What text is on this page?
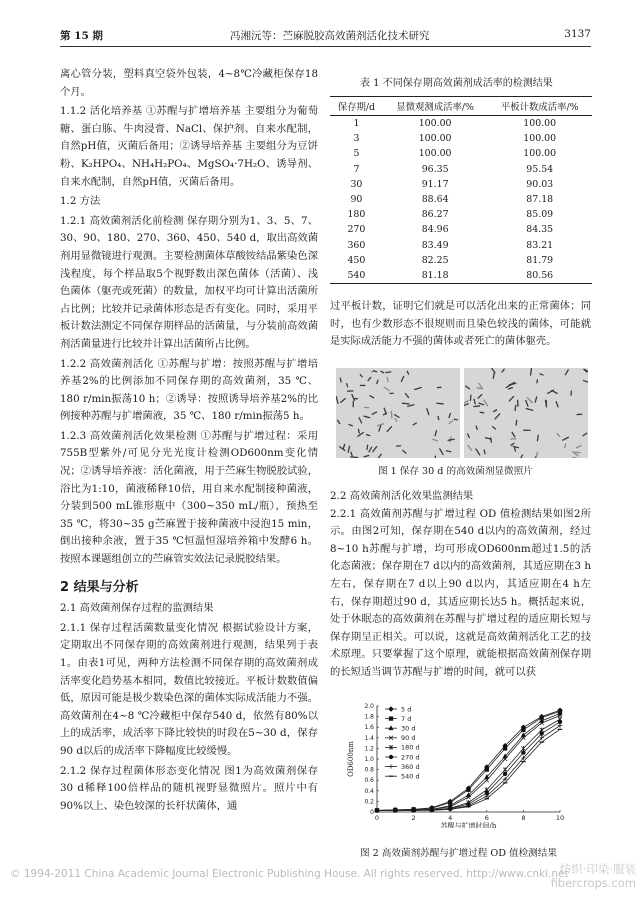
第 15 期	冯湘沅等：苎麻脱胶高效菌剂活化技术研究	3137

离心管分装，塑料真空袋外包装，4~8℃冷藏柜保存18个月。

1.1.2 活化培养基 ①苏醒与扩增培养基 主要组分为葡萄糖、蛋白胨、牛肉浸膏、NaCl、保护剂、自来水配制，自然pH值，灭菌后备用；②诱导培养基 主要组分为豆饼粉、K₂HPO₄、NH₄H₂PO₄、MgSO₄·7H₂O、诱导剂、自来水配制，自然pH值，灭菌后备用。

1.2 方法

1.2.1 高效菌剂活化前检测 保存期分别为1、3、5、7、30、90、180、270、360、450、540 d，取出高效菌剂用显微镜进行观测。主要检测菌体草酸铵结晶紫染色深浅程度，每个样品取5个视野数出深色菌体（活菌）、浅色菌体（躯壳或死菌）的数量，加权平均可计算出活菌所占比例；比较并记录菌体形态是否有变化。同时，采用平板计数法测定不同保存期样品的活菌量，与分装前高效菌剂活菌量进行比较并计算出活菌所占比例。

1.2.2 高效菌剂活化 ①苏醒与扩增：按照苏醒与扩增培养基2%的比例添加不同保存期的高效菌剂，35 ℃、180 r/min振荡10 h；②诱导：按照诱导培养基2%的比例接种苏醒与扩增菌液，35 ℃、180 r/min振荡5 h。

1.2.3 高效菌剂活化效果检测 ①苏醒与扩增过程：采用755B型紫外/可见分光光度计检测OD600nm变化情况；②诱导培养液：活化菌液，用于苎麻生物脱胶试验，浴比为1:10，菌液稀释10倍，用自来水配制接种菌液，分装到500 mL锥形瓶中（300~350 mL/瓶），预热至35 ℃，将30~35 g苎麻置于接种菌液中浸泡15 min，倒出接种余液，置于35 ℃恒温恒湿培养箱中发酵6 h。按照本课题组创立的苎麻管实效法记录脱胶结果。

2 结果与分析

2.1 高效菌剂保存过程的监测结果

2.1.1 保存过程活菌数量变化情况 根据试验设计方案，定期取出不同保存期的高效菌剂进行观测，结果列于表1。由表1可见，两种方法检测不同保存期的高效菌剂成活率变化趋势基本相同，数值比较接近。平板计数数值偏低，原因可能是极少数染色深的菌体实际成活能力不强。高效菌剂在4~8 ℃冷藏柜中保存540 d，依然有80%以上的成活率，成活率下降比较快的时段在5~30 d，保存90 d以后的成活率下降幅度比较缓慢。

2.1.2 保存过程菌体形态变化情况 图1为高效菌剂保存30 d稀释100倍样品的随机视野显微照片。照片中有90%以上、染色较深的长杆状菌体，通

表 1 不同保存期高效菌剂成活率的检测结果
保存期/d	显微观测成活率/%	平板计数成活率/%
1	100.00	100.00
3	100.00	100.00
5	100.00	100.00
7	96.35	95.54
30	91.17	90.03
90	88.64	87.18
180	86.27	85.09
270	84.96	84.35
360	83.49	83.21
450	82.25	81.79
540	81.18	80.56
过平板计数，证明它们就是可以活化出来的正常菌体；同时，也有少数形态不很规则而且染色较浅的菌体，可能就是实际成活能力不强的菌体或者死亡的菌体躯壳。
图 1 保存 30 d 的高效菌剂显微照片

2.2 高效菌剂活化效果监测结果

2.2.1 高效菌剂苏醒与扩增过程 OD 值检测结果如图2所示。由图2可知，保存期在540 d以内的高效菌剂，经过8~10 h苏醒与扩增，均可形成OD600nm超过1.5的活化态菌液；保存期在7 d以内的高效菌剂，其适应期在3 h左右，保存期在7 d以上90 d以内，其适应期在4 h左右，保存期超过90 d，其适应期长达5 h。概括起来说，处于休眠态的高效菌剂在苏醒与扩增过程的适应期长短与保存期呈正相关。可以说，这就是高效菌剂活化工艺的技术原理。只要掌握了这个原理，就能根据高效菌剂保存期的长短适当调节苏醒与扩增的时间，就可以获

0	2	4	6	8	10
0
0.2
0.4
0.6
0.8
1.0
1.2
1.4
1.6
1.8
2.0
苏醒与扩增时间/h
OD600nm
5 d
7 d
30 d
90 d
180 d
270 d
360 d
540 d
图 2 高效菌剂苏醒与扩增过程 OD 值检测结果
© 1994-2011 China Academic Journal Electronic Publishing House. All rights reserved. http://www.cnki.net
纺织·印染·服装
fibercrops.com
